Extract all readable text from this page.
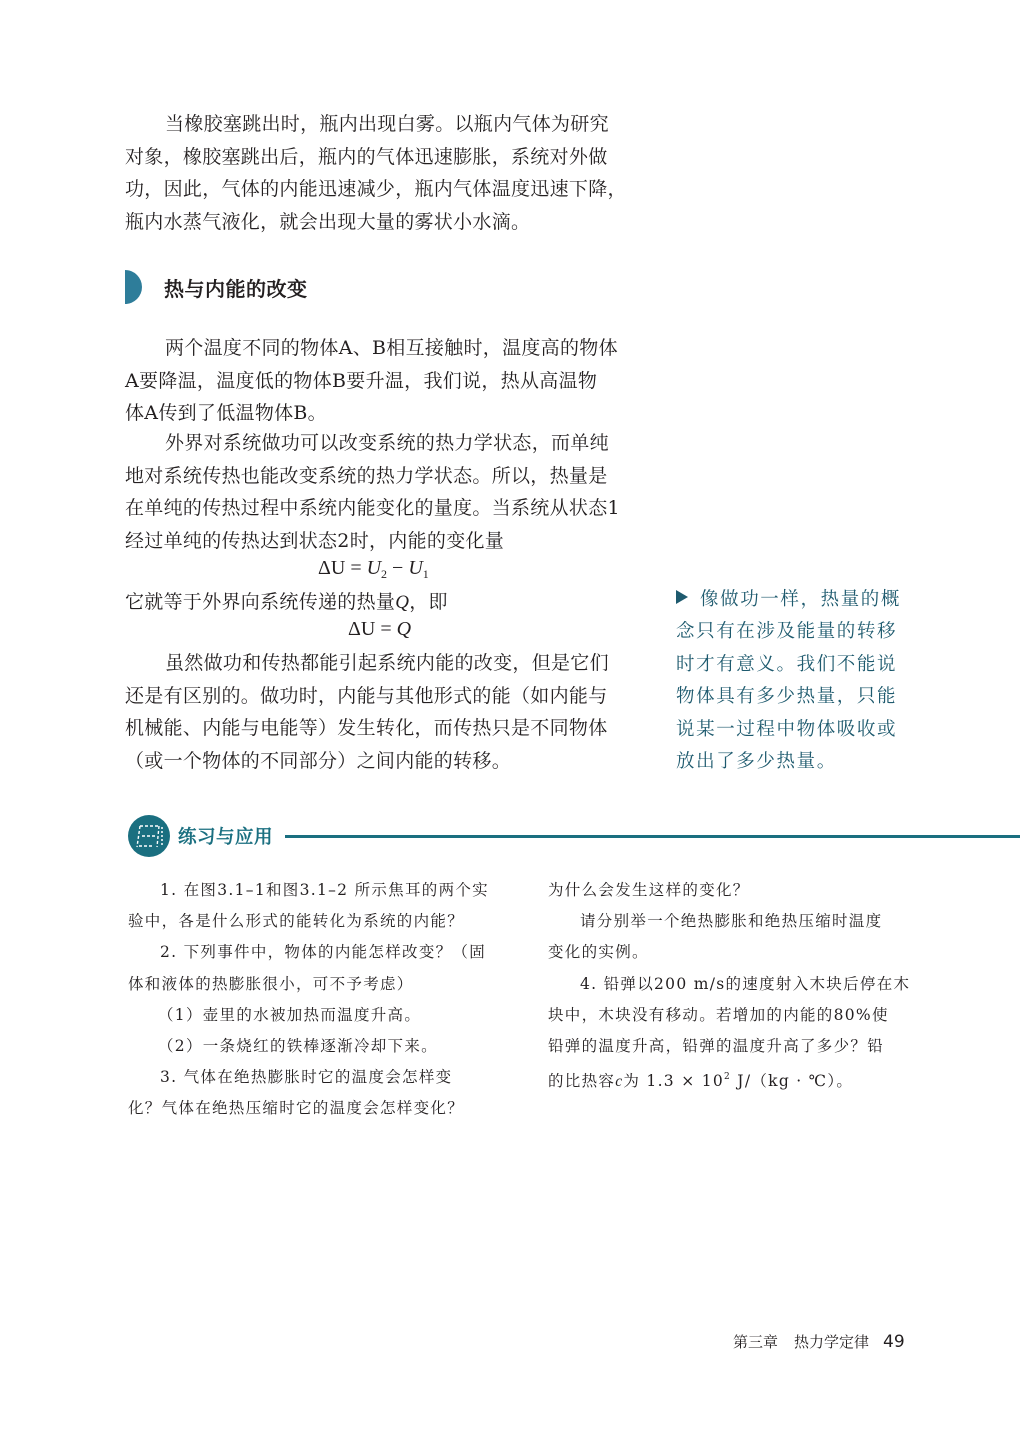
当橡胶塞跳出时，瓶内出现白雾。以瓶内气体为研究
对象，橡胶塞跳出后，瓶内的气体迅速膨胀，系统对外做
功，因此，气体的内能迅速减少，瓶内气体温度迅速下降，
瓶内水蒸气液化，就会出现大量的雾状小水滴。
热与内能的改变
两个温度不同的物体A、B相互接触时，温度高的物体
A要降温，温度低的物体B要升温，我们说，热从高温物
体A传到了低温物体B。
外界对系统做功可以改变系统的热力学状态，而单纯
地对系统传热也能改变系统的热力学状态。所以，热量是
在单纯的传热过程中系统内能变化的量度。当系统从状态1
经过单纯的传热达到状态2时，内能的变化量
$\Delta U = U_2 - U_1$
它就等于外界向系统传递的热量Q，即
ΔU = Q
虽然做功和传热都能引起系统内能的改变，但是它们
还是有区别的。做功时，内能与其他形式的能（如内能与
机械能、内能与电能等）发生转化，而传热只是不同物体
（或一个物体的不同部分）之间内能的转移。
像做功一样，热量的概
念只有在涉及能量的转移
时才有意义。我们不能说
物体具有多少热量，只能
说某一过程中物体吸收或
放出了多少热量。
练习与应用
1. 在图3.1–1和图3.1–2 所示焦耳的两个实
验中，各是什么形式的能转化为系统的内能？
2. 下列事件中，物体的内能怎样改变？（固
体和液体的热膨胀很小，可不予考虑）
（1）壶里的水被加热而温度升高。
（2）一条烧红的铁棒逐渐冷却下来。
3. 气体在绝热膨胀时它的温度会怎样变
化？气体在绝热压缩时它的温度会怎样变化？
为什么会发生这样的变化？
请分别举一个绝热膨胀和绝热压缩时温度
变化的实例。
4. 铅弹以200 m/s的速度射入木块后停在木
块中，木块没有移动。若增加的内能的80%使
铅弹的温度升高，铅弹的温度升高了多少？铅
的比热容c为 $1.3 \times 10^2$ J/（kg · ℃）。
第三章 热力学定律 49
